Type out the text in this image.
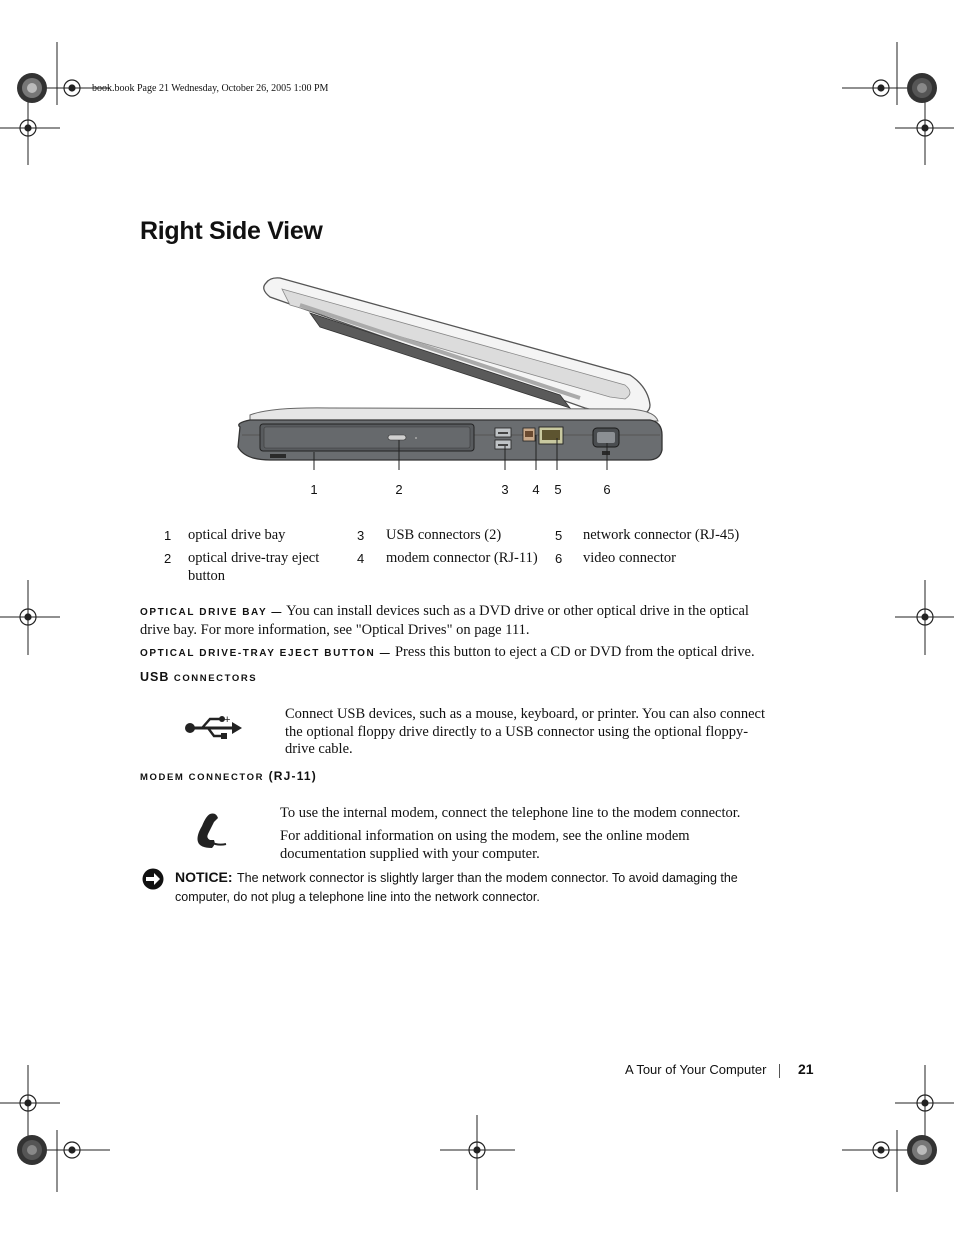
book.book Page 21 Wednesday, October 26, 2005 1:00 PM
Right Side View
1	2	3	4	5	6
1 optical drive bay
2 optical drive-tray eject button
3 USB connectors (2)
4 modem connector (RJ-11)
5 network connector (RJ-45)
6 video connector
OPTICAL DRIVE BAY — You can install devices such as a DVD drive or other optical drive in the optical
drive bay. For more information, see "Optical Drives" on page 111.
OPTICAL DRIVE-TRAY EJECT BUTTON — Press this button to eject a CD or DVD from the optical drive.
USB CONNECTORS
+	Connect USB devices, such as a mouse, keyboard, or printer. You can also connect
the optional floppy drive directly to a USB connector using the optional floppy-
drive cable.
MODEM CONNECTOR (RJ-11)
To use the internal modem, connect the telephone line to the modem connector.
For additional information on using the modem, see the online modem
documentation supplied with your computer.
NOTICE: The network connector is slightly larger than the modem connector. To avoid damaging the
computer, do not plug a telephone line into the network connector.
A Tour of Your Computer 21
